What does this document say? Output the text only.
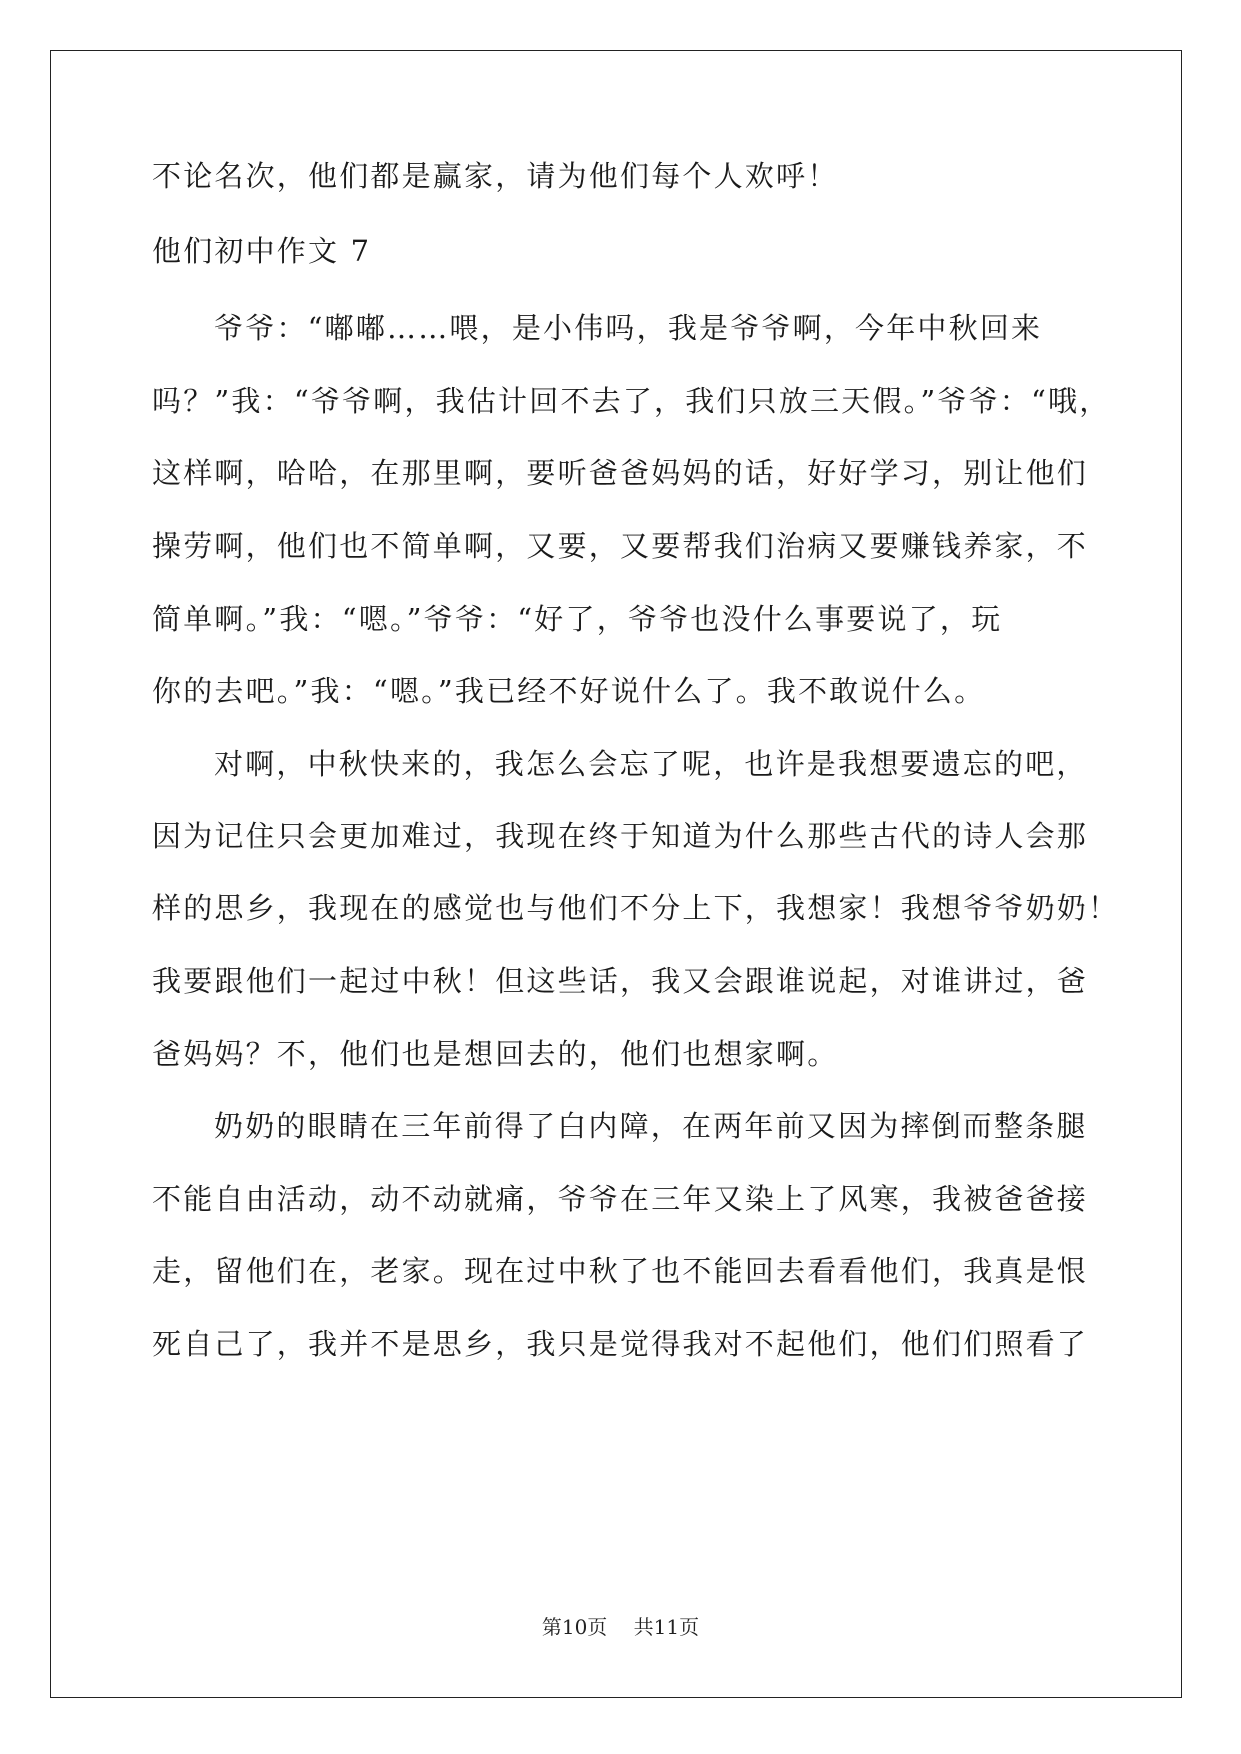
不论名次，他们都是赢家，请为他们每个人欢呼！
他们初中作文 7
爷爷：“嘟嘟……喂，是小伟吗，我是爷爷啊，今年中秋回来
吗？”我：“爷爷啊，我估计回不去了，我们只放三天假。”爷爷：“哦，
这样啊，哈哈，在那里啊，要听爸爸妈妈的话，好好学习，别让他们
操劳啊，他们也不简单啊，又要，又要帮我们治病又要赚钱养家，不
简单啊。”我：“嗯。”爷爷：“好了，爷爷也没什么事要说了，玩
你的去吧。”我：“嗯。”我已经不好说什么了。我不敢说什么。
对啊，中秋快来的，我怎么会忘了呢，也许是我想要遗忘的吧，
因为记住只会更加难过，我现在终于知道为什么那些古代的诗人会那
样的思乡，我现在的感觉也与他们不分上下，我想家！我想爷爷奶奶！
我要跟他们一起过中秋！但这些话，我又会跟谁说起，对谁讲过，爸
爸妈妈？不，他们也是想回去的，他们也想家啊。
奶奶的眼睛在三年前得了白内障，在两年前又因为摔倒而整条腿
不能自由活动，动不动就痛，爷爷在三年又染上了风寒，我被爸爸接
走，留他们在，老家。现在过中秋了也不能回去看看他们，我真是恨
死自己了，我并不是思乡，我只是觉得我对不起他们，他们们照看了
第10页 共11页
